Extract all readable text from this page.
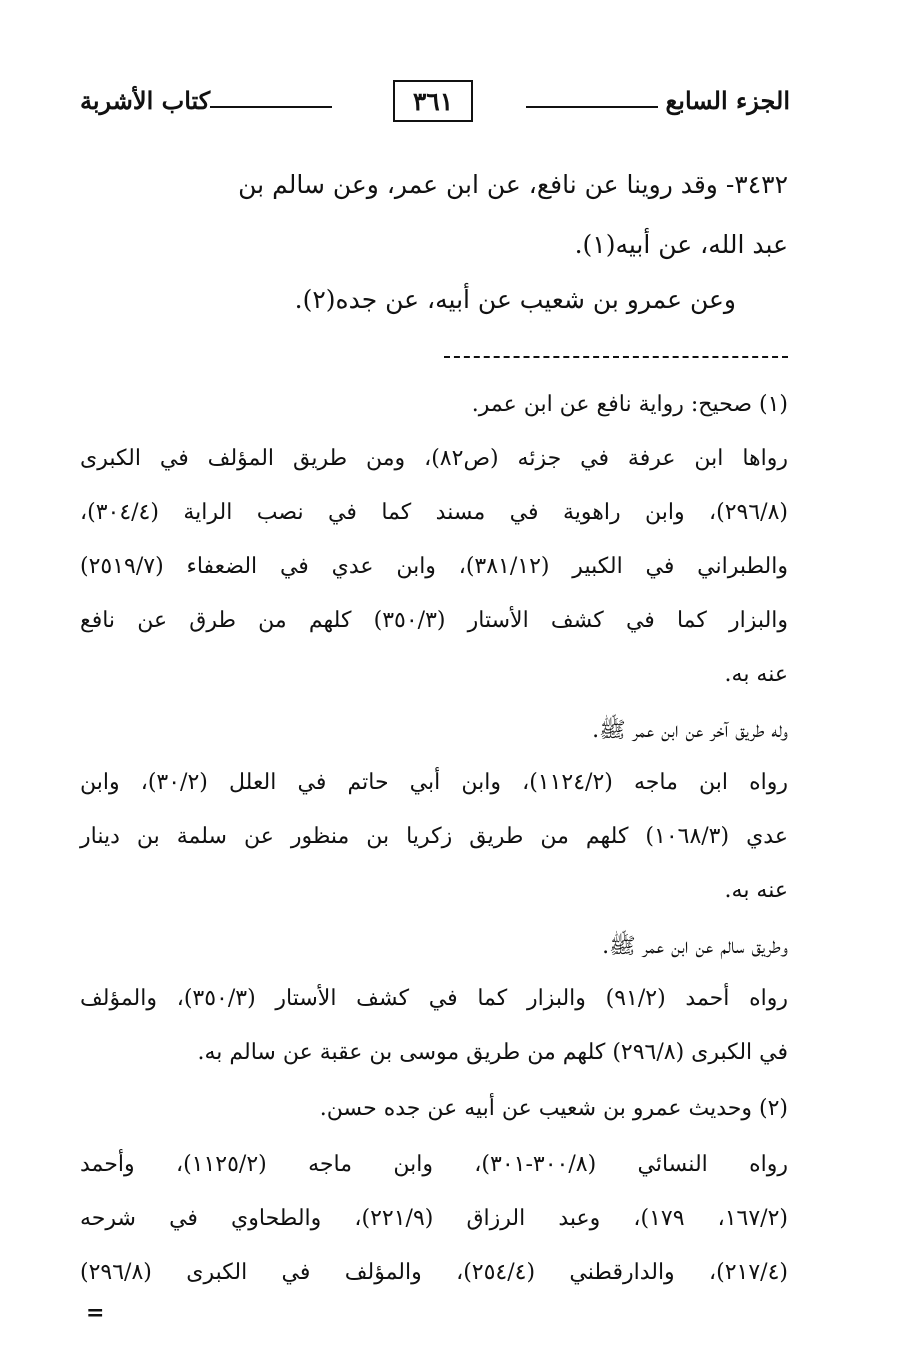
الجزء السابع
٣٦١
كتاب الأشربة

٣٤٣٢- وقد روينا عن نافع، عن ابن عمر، وعن سالم بن

عبد الله، عن أبيه(١).

وعن عمرو بن شعيب عن أبيه، عن جده(٢).

(١) صحيح: رواية نافع عن ابن عمر.
رواها ابن عرفة في جزئه (ص٨٢)، ومن طريق المؤلف في الكبرى
(٢٩٦/٨)، وابن راهوية في مسند كما في نصب الراية (٣٠٤/٤)،
والطبراني في الكبير (٣٨١/١٢)، وابن عدي في الضعفاء (٢٥١٩/٧)
والبزار كما في كشف الأستار (٣٥٠/٣) كلهم من طرق عن نافع
عنه به.
وله طريق آخر عن ابن عمر ﷺ.
رواه ابن ماجه (١١٢٤/٢)، وابن أبي حاتم في العلل (٣٠/٢)، وابن
عدي (١٠٦٨/٣) كلهم من طريق زكريا بن منظور عن سلمة بن دينار
عنه به.
وطريق سالم عن ابن عمر ﷺ.
رواه أحمد (٩١/٢) والبزار كما في كشف الأستار (٣٥٠/٣)، والمؤلف
في الكبرى (٢٩٦/٨) كلهم من طريق موسى بن عقبة عن سالم به.
(٢) وحديث عمرو بن شعيب عن أبيه عن جده حسن.
رواه النسائي (٣٠٠/٨-٣٠١)، وابن ماجه (١١٢٥/٢)، وأحمد
(١٦٧/٢، ١٧٩)، وعبد الرزاق (٢٢١/٩)، والطحاوي في شرحه
(٢١٧/٤)، والدارقطني (٢٥٤/٤)، والمؤلف في الكبرى (٢٩٦/٨)
=
